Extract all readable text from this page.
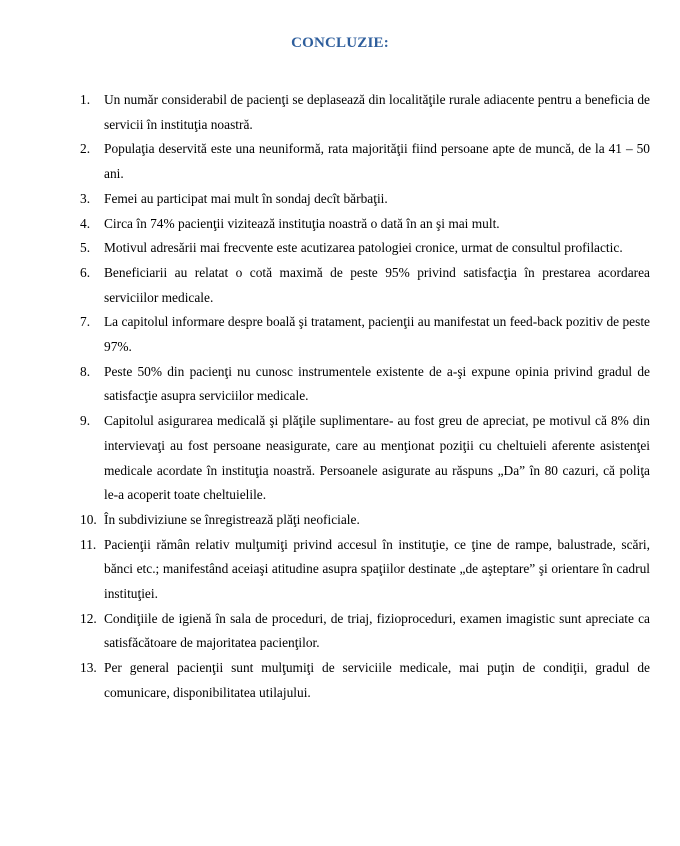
CONCLUZIE:
1. Un număr considerabil de pacienţi se deplasează din localităţile rurale adiacente pentru a beneficia de servicii în instituţia noastră.
2. Populaţia deservită este una neuniformă, rata majorităţii fiind persoane apte de muncă, de la 41 – 50 ani.
3. Femei au participat mai mult în sondaj decît bărbaţii.
4. Circa în 74% pacienţii vizitează instituţia noastră o dată în an şi mai mult.
5. Motivul adresării mai frecvente este acutizarea patologiei cronice, urmat de consultul profilactic.
6. Beneficiarii au relatat o cotă maximă de peste 95% privind satisfacţia în prestarea acordarea serviciilor medicale.
7. La capitolul informare despre boală şi tratament, pacienţii au manifestat un feed-back pozitiv de peste 97%.
8. Peste 50% din pacienţi nu cunosc instrumentele existente de a-şi expune opinia privind gradul de satisfacţie asupra serviciilor medicale.
9. Capitolul asigurarea medicală şi plăţile suplimentare- au fost greu de apreciat, pe motivul că 8% din intervievaţi au fost persoane neasigurate, care au menţionat poziţii cu cheltuieli aferente asistenţei medicale acordate în instituţia noastră. Persoanele asigurate au răspuns „Da” în 80 cazuri, că poliţa le-a acoperit toate cheltuielile.
10. În subdiviziune se înregistrează plăţi neoficiale.
11. Pacienţii rămân relativ mulţumiţi privind accesul în instituţie, ce ţine de rampe, balustrade, scări, bănci etc.; manifestând aceiaşi atitudine asupra spaţiilor destinate „de aşteptare” şi orientare în cadrul instituţiei.
12. Condiţiile de igienă în sala de proceduri, de triaj, fizioproceduri, examen imagistic sunt apreciate ca satisfăcătoare de majoritatea pacienţilor.
13. Per general pacienţii sunt mulţumiţi de serviciile medicale, mai puţin de condiţii, gradul de comunicare, disponibilitatea utilajului.
